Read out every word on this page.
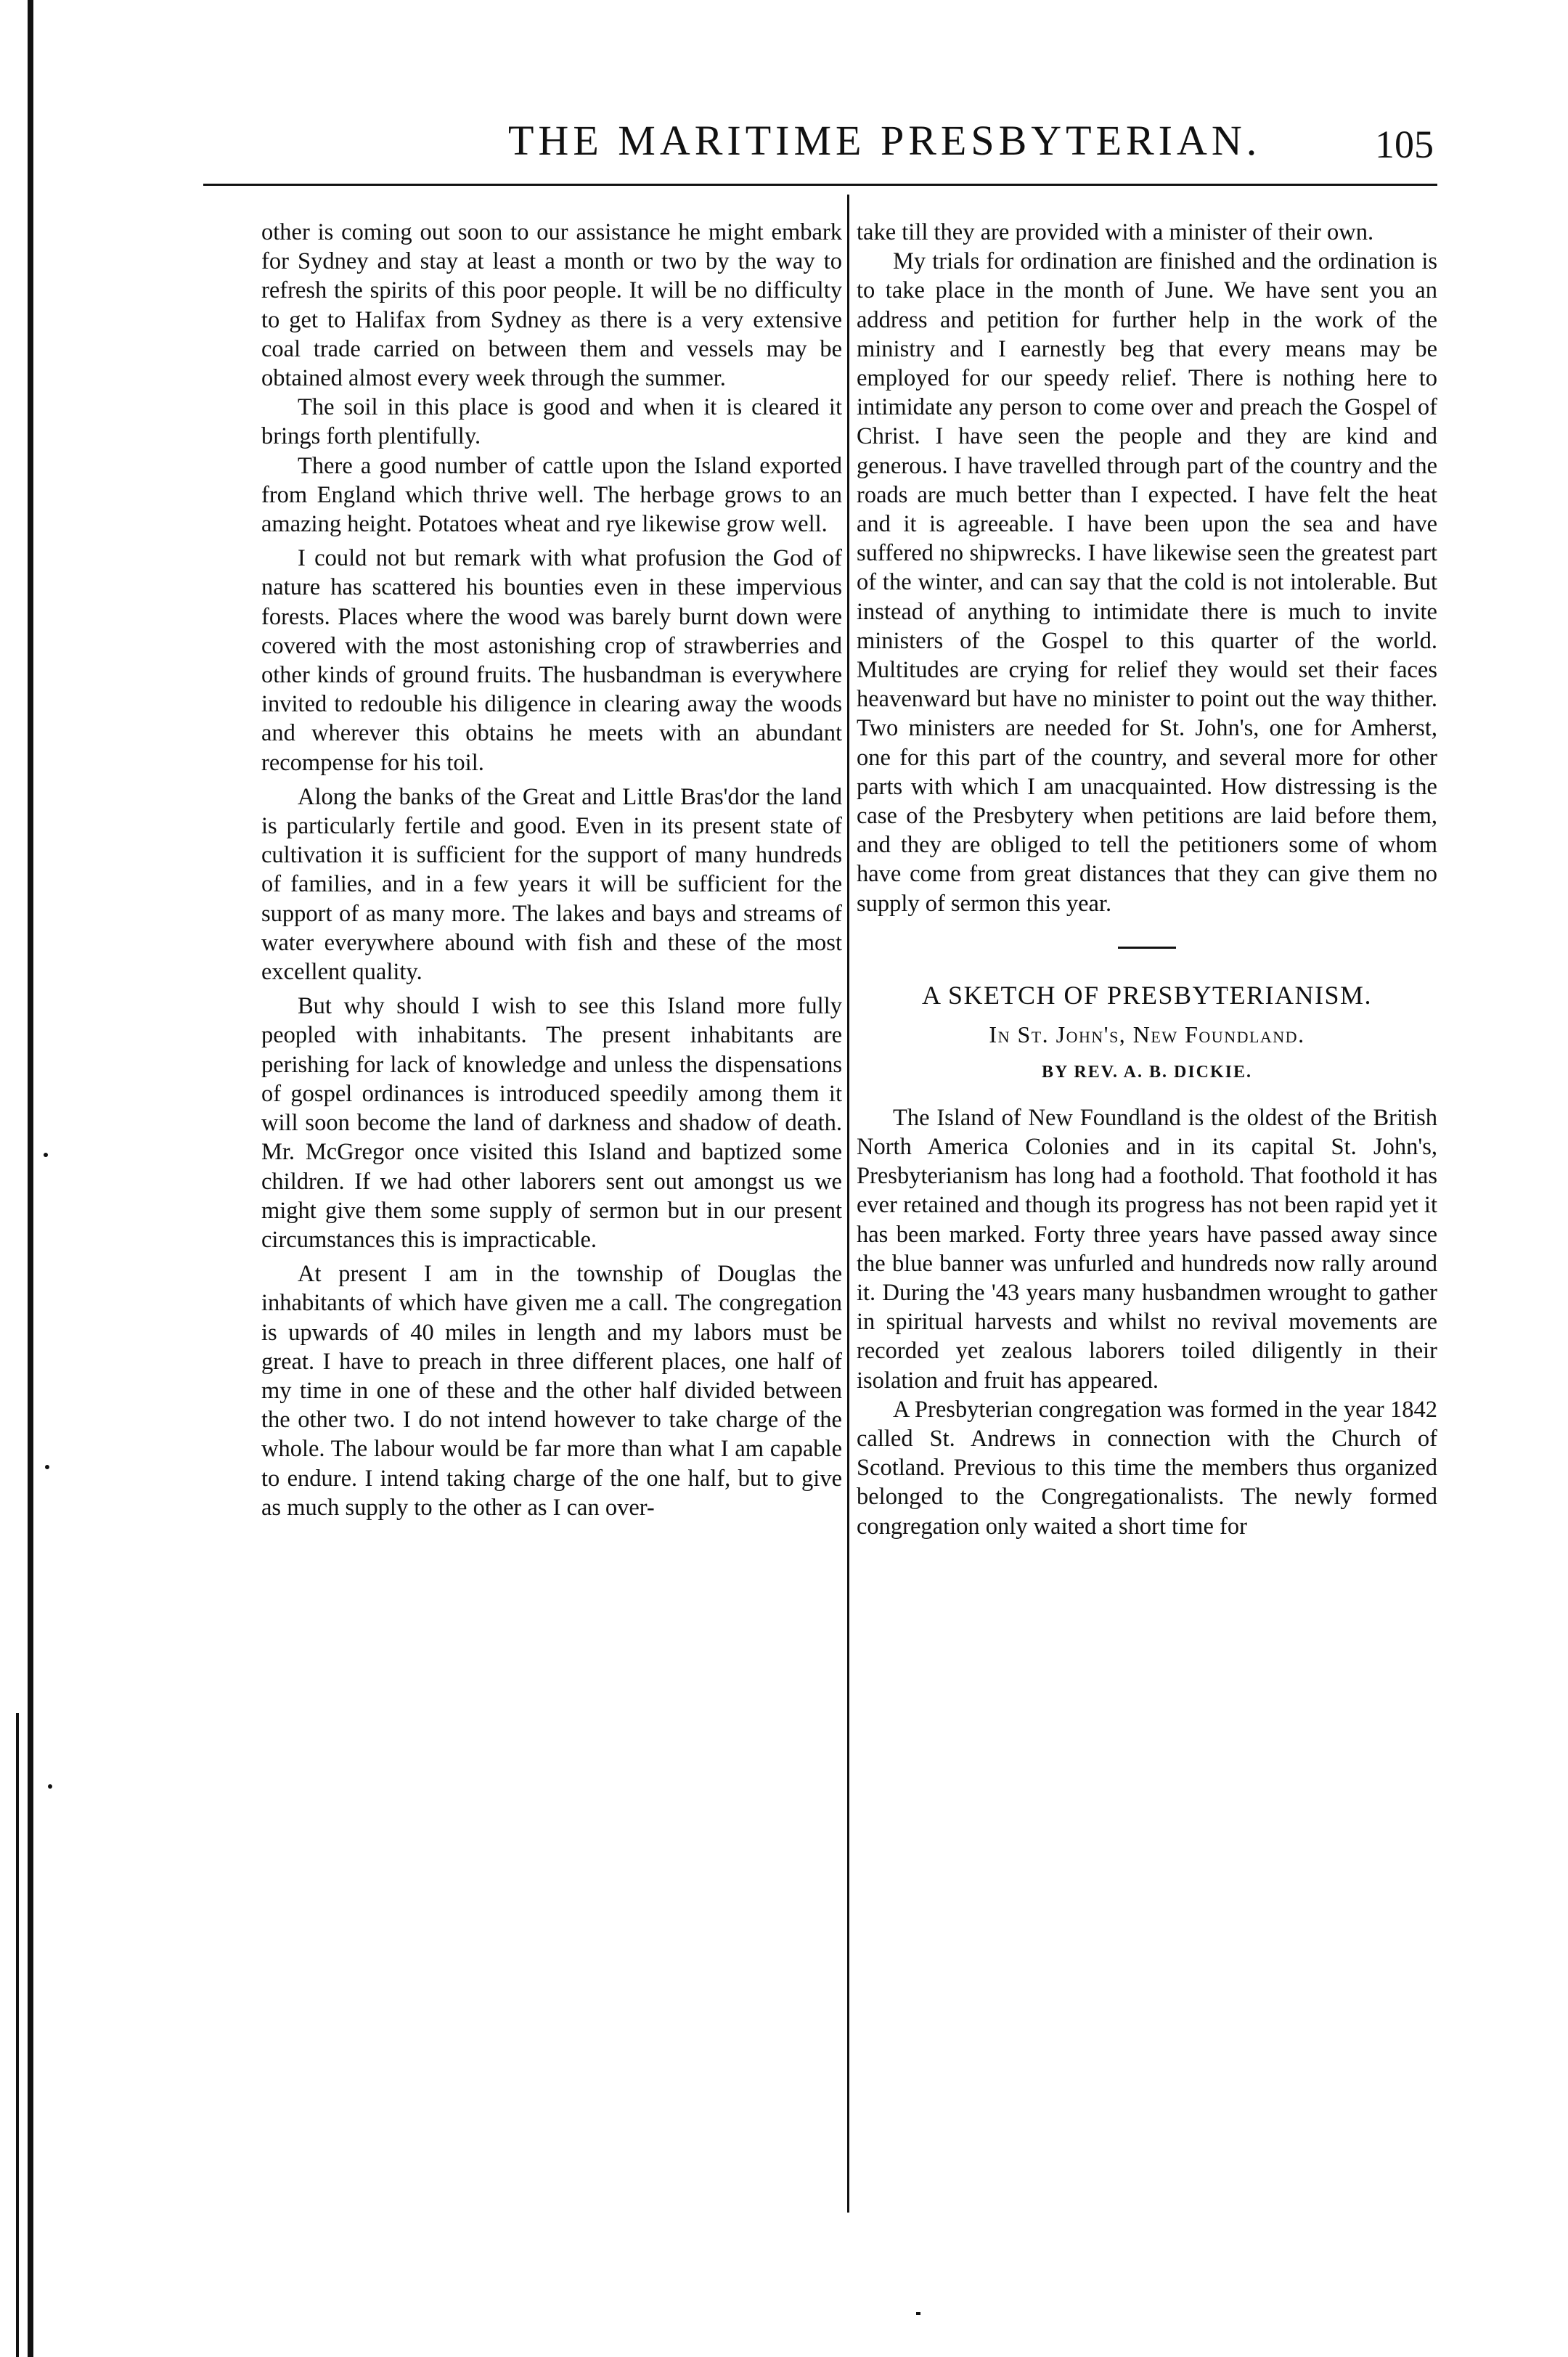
THE MARITIME PRESBYTERIAN.	105

other is coming out soon to our assistance he might embark for Sydney and stay at least a month or two by the way to refresh the spirits of this poor people. It will be no difficulty to get to Halifax from Sydney as there is a very extensive coal trade carried on between them and vessels may be obtained almost every week through the summer.

The soil in this place is good and when it is cleared it brings forth plentifully.

There a good number of cattle upon the Island exported from England which thrive well. The herbage grows to an amazing height. Potatoes wheat and rye likewise grow well.

I could not but remark with what profusion the God of nature has scattered his bounties even in these impervious forests. Places where the wood was barely burnt down were covered with the most astonishing crop of strawberries and other kinds of ground fruits. The husbandman is everywhere invited to redouble his diligence in clearing away the woods and wherever this obtains he meets with an abundant recompense for his toil.

Along the banks of the Great and Little Bras'dor the land is particularly fertile and good. Even in its present state of cultivation it is sufficient for the support of many hundreds of families, and in a few years it will be sufficient for the support of as many more. The lakes and bays and streams of water everywhere abound with fish and these of the most excellent quality.

But why should I wish to see this Island more fully peopled with inhabitants. The present inhabitants are perishing for lack of knowledge and unless the dispensations of gospel ordinances is introduced speedily among them it will soon become the land of darkness and shadow of death. Mr. McGregor once visited this Island and baptized some children. If we had other laborers sent out amongst us we might give them some supply of sermon but in our present circumstances this is impracticable.

At present I am in the township of Douglas the inhabitants of which have given me a call. The congregation is upwards of 40 miles in length and my labors must be great. I have to preach in three different places, one half of my time in one of these and the other half divided between the other two. I do not intend however to take charge of the whole. The labour would be far more than what I am capable to endure. I intend taking charge of the one half, but to give as much supply to the other as I can over-

take till they are provided with a minister of their own.

My trials for ordination are finished and the ordination is to take place in the month of June. We have sent you an address and petition for further help in the work of the ministry and I earnestly beg that every means may be employed for our speedy relief. There is nothing here to intimidate any person to come over and preach the Gospel of Christ. I have seen the people and they are kind and generous. I have travelled through part of the country and the roads are much better than I expected. I have felt the heat and it is agreeable. I have been upon the sea and have suffered no shipwrecks. I have likewise seen the greatest part of the winter, and can say that the cold is not intolerable. But instead of anything to intimidate there is much to invite ministers of the Gospel to this quarter of the world. Multitudes are crying for relief they would set their faces heavenward but have no minister to point out the way thither. Two ministers are needed for St. John's, one for Amherst, one for this part of the country, and several more for other parts with which I am unacquainted. How distressing is the case of the Presbytery when petitions are laid before them, and they are obliged to tell the petitioners some of whom have come from great distances that they can give them no supply of sermon this year.

A SKETCH OF PRESBYTERIANISM.
In St. John's, New Foundland.
BY REV. A. B. DICKIE.

The Island of New Foundland is the oldest of the British North America Colonies and in its capital St. John's, Presbyterianism has long had a foothold. That foothold it has ever retained and though its progress has not been rapid yet it has been marked. Forty three years have passed away since the blue banner was unfurled and hundreds now rally around it. During the '43 years many husbandmen wrought to gather in spiritual harvests and whilst no revival movements are recorded yet zealous laborers toiled diligently in their isolation and fruit has appeared.

A Presbyterian congregation was formed in the year 1842 called St. Andrews in connection with the Church of Scotland. Previous to this time the members thus organized belonged to the Congregationalists. The newly formed congregation only waited a short time for
